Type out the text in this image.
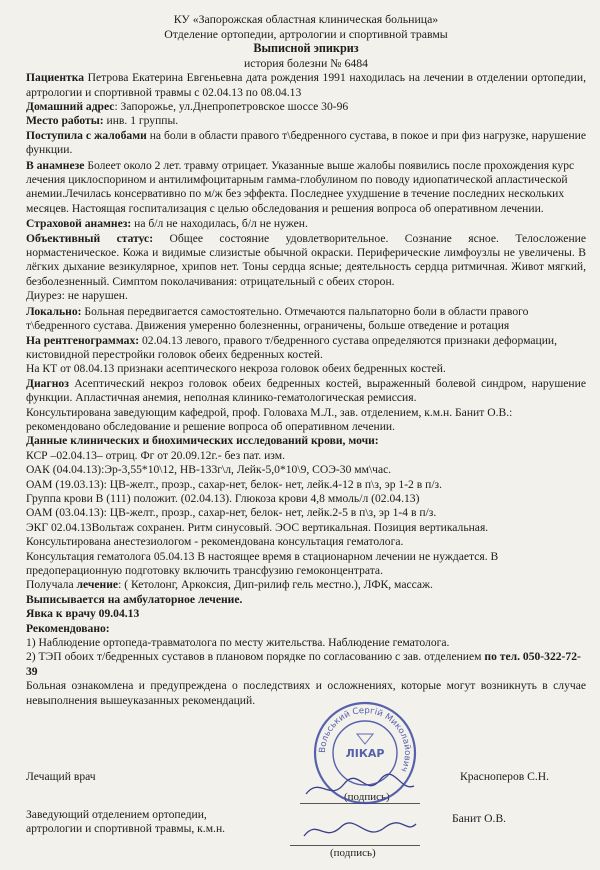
КУ «Запорожская областная клиническая больница»
Отделение ортопедии, артрологии и спортивной травмы
Выписной эпикриз
история болезни № 6484

Пациентка Петрова Екатерина Евгеньевна дата рождения 1991 находилась на лечении в отделении ортопедии, артрологии и спортивной травмы с 02.04.13 по 08.04.13

Домашний адрес: Запорожье, ул.Днепропетровское шоссе 30-96

Место работы: инв. 1 группы.

Поступила с жалобами на боли в области правого т\бедренного сустава, в покое и при физ нагрузке, нарушение функции.

В анамнезе Болеет около 2 лет. травму отрицает. Указанные выше жалобы появились после прохождения курс лечения циклоспорином и антилимфоцитарным гамма-глобулином по поводу идиопатической апластической анемии.Лечилась консервативно по м/ж без эффекта. Последнее ухудшение в течение последних нескольких месяцев. Настоящая госпитализация с целью обследования и решения вопроса об оперативном лечении.

Страховой анамнез: на б/л не находилась, б/л не нужен.

Объективный статус: Общее состояние удовлетворительное. Сознание ясное. Телосложение нормастеническое. Кожа и видимые слизистые обычной окраски. Периферические лимфоузлы не увеличены. В лёгких дыхание везикулярное, хрипов нет. Тоны сердца ясные; деятельность сердца ритмичная. Живот мягкий, безболезненный. Симптом поколачивания: отрицательный с обеих сторон.

Диурез: не нарушен.

Локально: Больная передвигается самостоятельно. Отмечаются пальпаторно боли в области правого т\бедренного сустава. Движения умеренно болезненны, ограничены, больше отведение и ротация

На рентгенограммах: 02.04.13 левого, правого т/бедренного сустава определяются признаки деформации, кистовидной перестройки головок обеих бедренных костей.

На КТ от 08.04.13 признаки асептического некроза головок обеих бедренных костей.

Диагноз Асептический некроз головок обеих бедренных костей, выраженный болевой синдром, нарушение функции. Апластичная анемия, неполная клинико-гематологическая ремиссия.

Консультирована заведующим кафедрой, проф. Головаха М.Л., зав. отделением, к.м.н. Банит О.В.: рекомендовано обследование и решение вопроса об оперативном лечении.

Данные клинических и биохимических исследований крови, мочи:

КСР –02.04.13– отриц. Фг от 20.09.12г.- без пат. изм.

ОАК (04.04.13):Эр-3,55*10\12, НВ-133г\л, Лейк-5,0*10\9, СОЭ-30 мм\час.

ОАМ (19.03.13): ЦВ-желт., прозр., сахар-нет, белок- нет, лейк.4-12 в п\з, эр 1-2 в п/з.

Группа крови В (111) положит. (02.04.13). Глюкоза крови 4,8 ммоль/л (02.04.13)

ОАМ (03.04.13): ЦВ-желт., прозр., сахар-нет, белок- нет, лейк.2-5 в п\з, эр 1-4 в п/з.

ЭКГ 02.04.13Вольтаж сохранен. Ритм синусовый. ЭОС вертикальная. Позиция вертикальная.

Консультирована анестезиологом - рекомендована консультация гематолога.

Консультация гематолога 05.04.13 В настоящее время в стационарном лечении не нуждается. В предоперационную подготовку включить трансфузию гемоконцентрата.

Получала лечение: ( Кетолонг, Аркоксия, Дип-рилиф гель местно.), ЛФК, массаж.

Выписывается на амбулаторное лечение.

Явка к врачу 09.04.13

Рекомендовано:

1) Наблюдение ортопеда-травматолога по месту жительства. Наблюдение гематолога.

2) ТЭП обоих т/бедренных суставов в плановом порядке по согласованию с зав. отделением по тел. 050-322-72-39

Больная ознакомлена и предупреждена о последствиях и осложнениях, которые могут возникнуть в случае невыполнения вышеуказанных рекомендаций.

Лечащий врач	Красноперов С.Н.
(подпись)
Заведующий отделением ортопедии,
артрологии и спортивной травмы, к.м.н.
Банит О.В.
(подпись)
Вольський Сергій Миколайович
ЛІКАР
